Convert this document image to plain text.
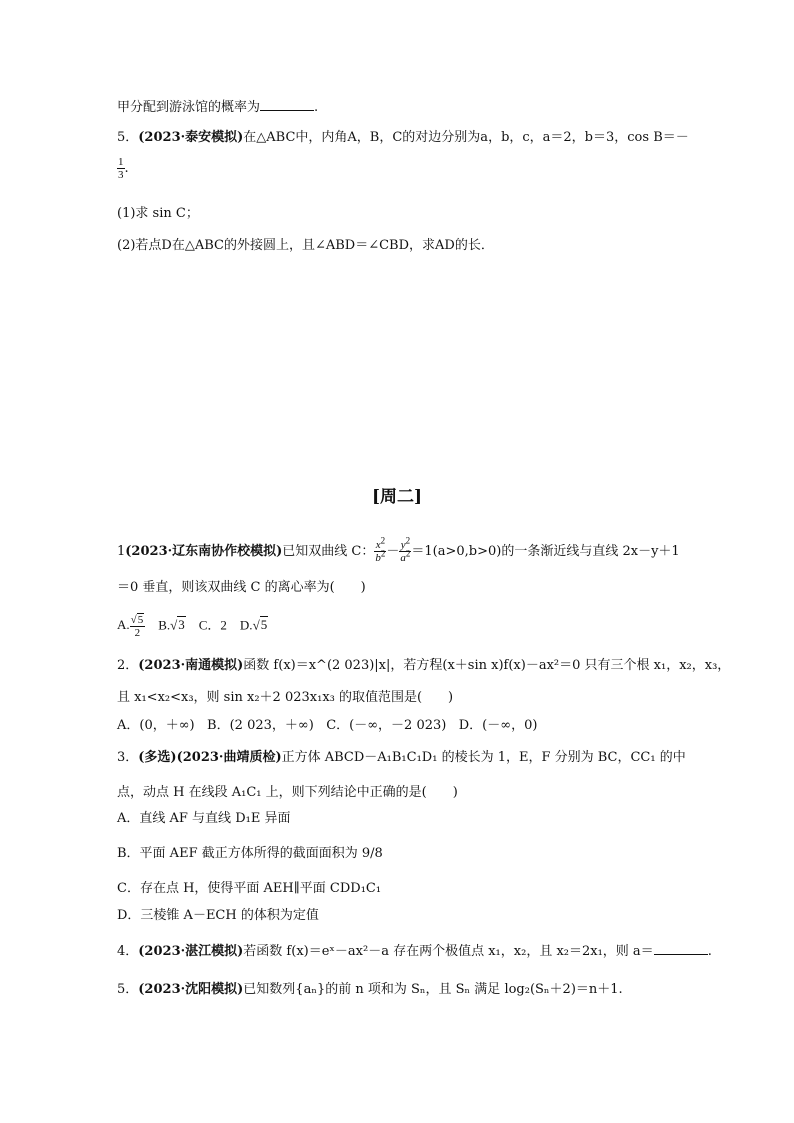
甲分配到游泳馆的概率为	.
5．(2023·泰安模拟)在△ABC中，内角A，B，C的对边分别为a，b，c，a＝2，b＝3，cos B＝－
$\frac{1}{3}$ .
(1)求 sin C；
(2)若点D在△ABC的外接圆上，且∠ABD＝∠CBD，求AD的长．
[周二]
1(2023·辽东南协作校模拟)已知双曲线 C： $\frac{x^2}{b^2} - \frac{y^2}{a^2} =1(a>0,b>0)$的一条渐近线与直线 2x－y＋1
＝0 垂直，则该双曲线 C 的离心率为(　　)
A. $\frac{√5}{2} B.√3$ C．2 D.√5
2．(2023·南通模拟)函数 f(x)＝x^(2 023)|x|，若方程(x＋sin x)f(x)－ax²＝0 只有三个根 x₁，x₂，x₃，
且 x₁<x₂<x₃，则 sin x₂＋2 023x₁x₃ 的取值范围是(　　)
A．(0，＋∞) B．(2 023，＋∞) C．(－∞，－2 023) D．(－∞，0)
3．(多选)(2023·曲靖质检)正方体 ABCD－A₁B₁C₁D₁ 的棱长为 1，E，F 分别为 BC，CC₁ 的中
点，动点 H 在线段 A₁C₁ 上，则下列结论中正确的是(　　)
A．直线 AF 与直线 D₁E 异面
B．平面 AEF 截正方体所得的截面面积为 9/8
C．存在点 H，使得平面 AEH∥平面 CDD₁C₁
D．三棱锥 A－ECH 的体积为定值
4．(2023·湛江模拟)若函数 f(x)＝eˣ－ax²－a 存在两个极值点 x₁，x₂，且 x₂＝2x₁，则 a＝	.
5．(2023·沈阳模拟)已知数列{aₙ}的前 n 项和为 Sₙ，且 Sₙ 满足 log₂(Sₙ＋2)＝n＋1.
